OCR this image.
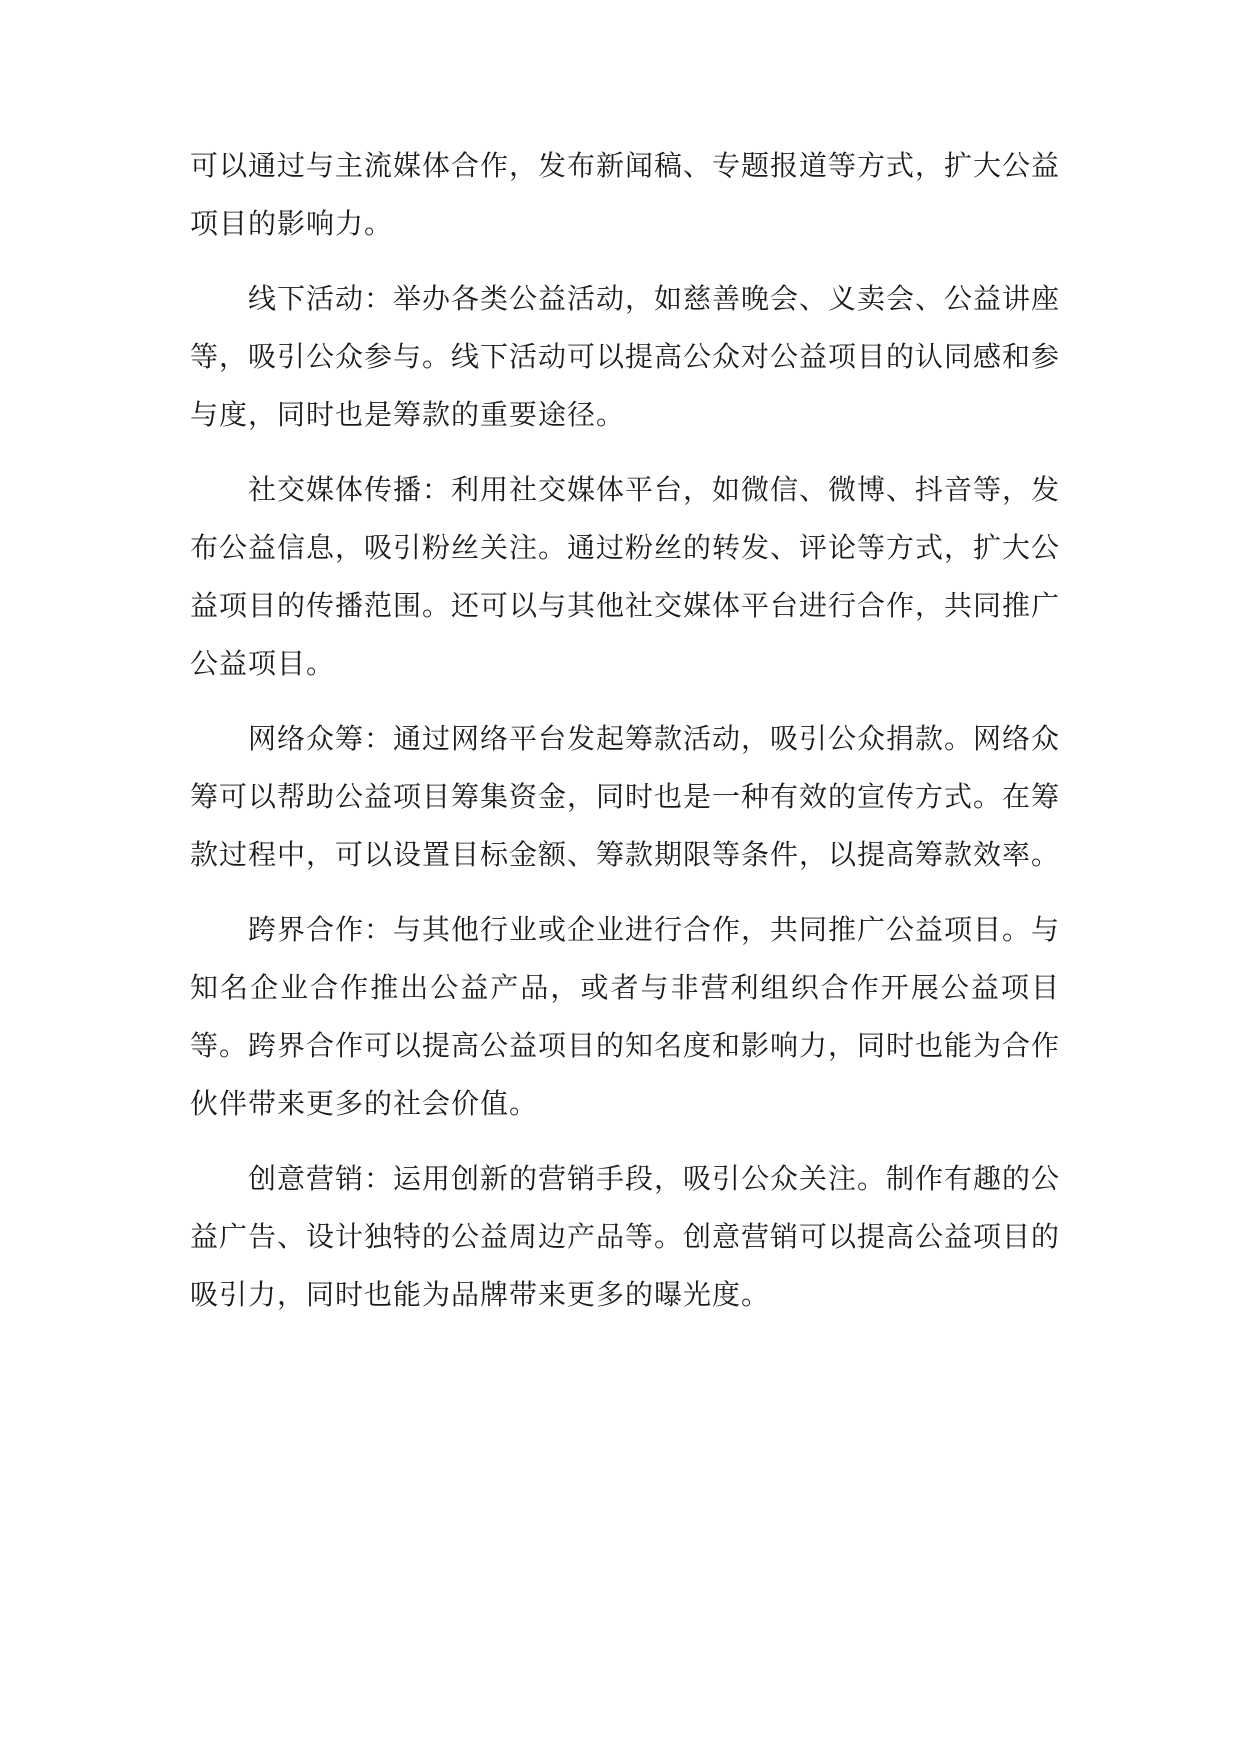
可以通过与主流媒体合作，发布新闻稿、专题报道等方式，扩大公益项目的影响力。

线下活动：举办各类公益活动，如慈善晚会、义卖会、公益讲座等，吸引公众参与。线下活动可以提高公众对公益项目的认同感和参与度，同时也是筹款的重要途径。

社交媒体传播：利用社交媒体平台，如微信、微博、抖音等，发布公益信息，吸引粉丝关注。通过粉丝的转发、评论等方式，扩大公益项目的传播范围。还可以与其他社交媒体平台进行合作，共同推广公益项目。

网络众筹：通过网络平台发起筹款活动，吸引公众捐款。网络众筹可以帮助公益项目筹集资金，同时也是一种有效的宣传方式。在筹款过程中，可以设置目标金额、筹款期限等条件，以提高筹款效率。

跨界合作：与其他行业或企业进行合作，共同推广公益项目。与知名企业合作推出公益产品，或者与非营利组织合作开展公益项目等。跨界合作可以提高公益项目的知名度和影响力，同时也能为合作伙伴带来更多的社会价值。

创意营销：运用创新的营销手段，吸引公众关注。制作有趣的公益广告、设计独特的公益周边产品等。创意营销可以提高公益项目的吸引力，同时也能为品牌带来更多的曝光度。
